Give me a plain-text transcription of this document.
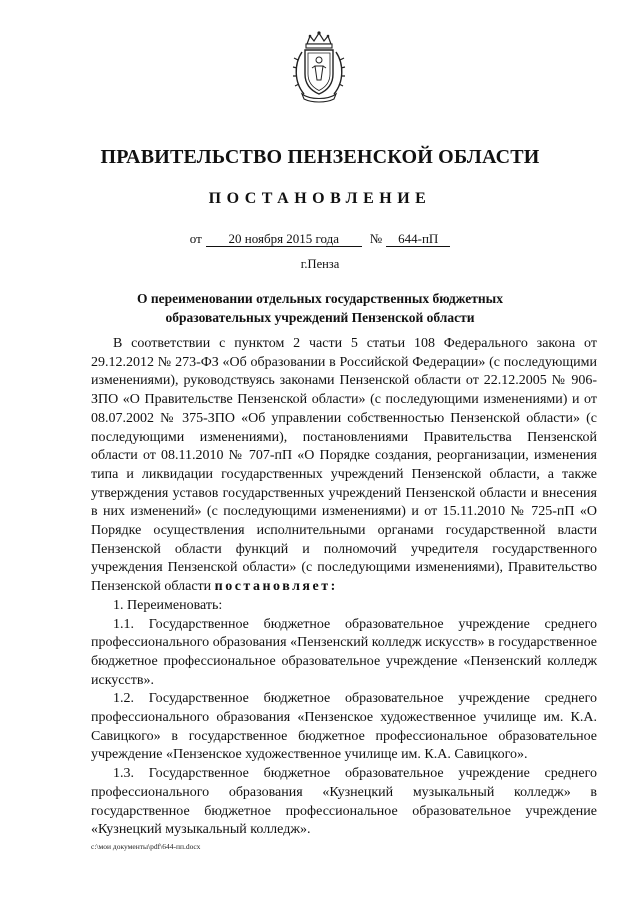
ПРАВИТЕЛЬСТВО ПЕНЗЕНСКОЙ ОБЛАСТИ
ПОСТАНОВЛЕНИЕ
от 20 ноября 2015 года № 644-пП
г.Пенза
О переименовании отдельных государственных бюджетных
образовательных учреждений Пензенской области

В соответствии с пунктом 2 части 5 статьи 108 Федерального закона от 29.12.2012 № 273-ФЗ «Об образовании в Российской Федерации» (с последующими изменениями), руководствуясь законами Пензенской области от 22.12.2005 № 906-ЗПО «О Правительстве Пензенской области» (с последующими изменениями) и от 08.07.2002 № 375-ЗПО «Об управлении собственностью Пензенской области» (с последующими изменениями), постановлениями Правительства Пензенской области от 08.11.2010 № 707-пП «О Порядке создания, реорганизации, изменения типа и ликвидации государственных учреждений Пензенской области, а также утверждения уставов государственных учреждений Пензенской области и внесения в них изменений» (с последующими изменениями) и от 15.11.2010 № 725-пП «О Порядке осуществления исполнительными органами государственной власти Пензенской области функций и полномочий учредителя государственного учреждения Пензенской области» (с последующими изменениями), Правительство Пензенской области постановляет:

1. Переименовать:

1.1. Государственное бюджетное образовательное учреждение среднего профессионального образования «Пензенский колледж искусств» в государственное бюджетное профессиональное образовательное учреждение «Пензенский колледж искусств».

1.2. Государственное бюджетное образовательное учреждение среднего профессионального образования «Пензенское художественное училище им. К.А. Савицкого» в государственное бюджетное профессиональное образовательное учреждение «Пензенское художественное училище им. К.А. Савицкого».

1.3. Государственное бюджетное образовательное учреждение среднего профессионального образования «Кузнецкий музыкальный колледж» в государственное бюджетное профессиональное образовательное учреждение «Кузнецкий музыкальный колледж».

c:\мои документы\pdf\644-пп.docx
